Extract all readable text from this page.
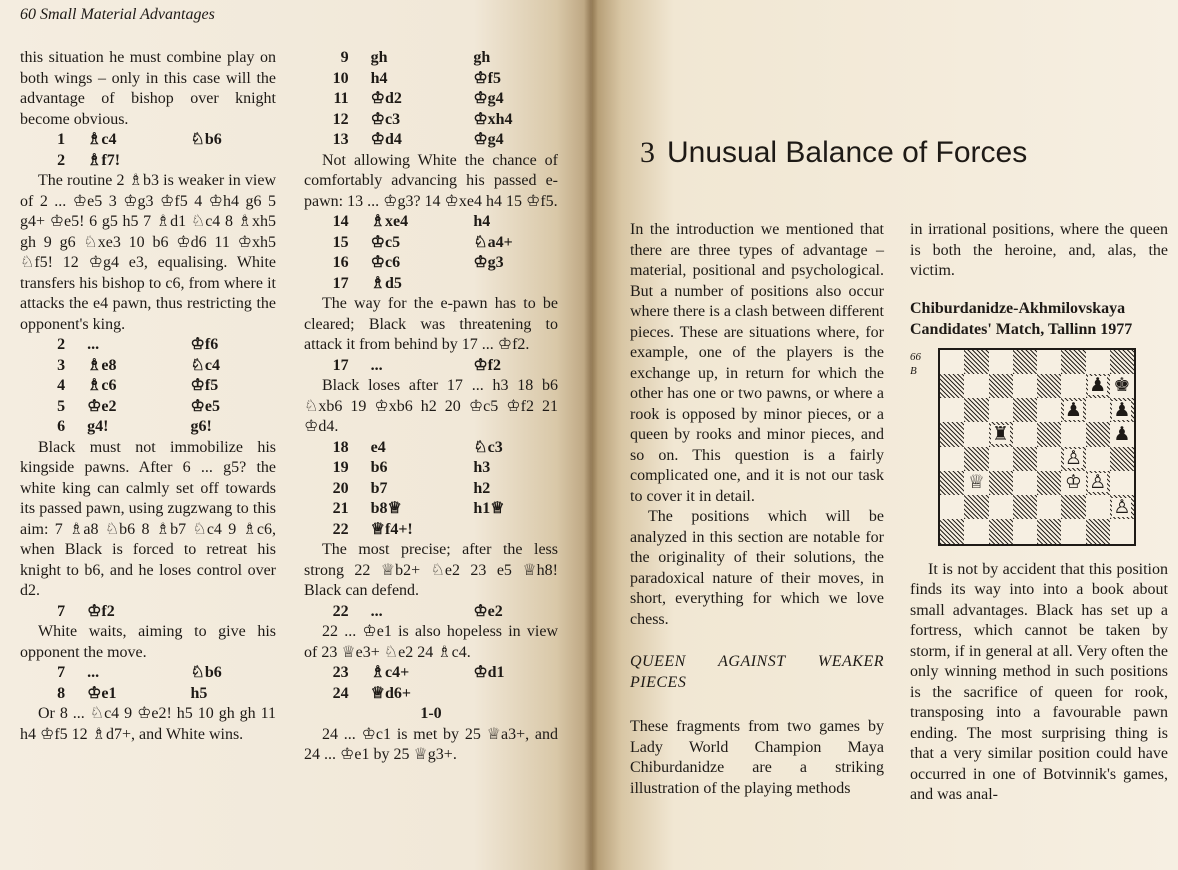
60 Small Material Advantages

this situation he must combine play on both wings – only in this case will the advantage of bishop over knight become obvious.

1	♗c4	♘b6
2	♗f7!

The routine 2 ♗b3 is weaker in view of 2 ... ♔e5 3 ♔g3 ♔f5 4 ♔h4 g6 5 g4+ ♔e5! 6 g5 h5 7 ♗d1 ♘c4 8 ♗xh5 gh 9 g6 ♘xe3 10 b6 ♔d6 11 ♔xh5 ♘f5! 12 ♔g4 e3, equalising. White transfers his bishop to c6, from where it attacks the e4 pawn, thus restricting the opponent's king.

2	...	♔f6
3	♗e8	♘c4
4	♗c6	♔f5
5	♔e2	♔e5
6	g4!	g6!

Black must not immobilize his kingside pawns. After 6 ... g5? the white king can calmly set off towards its passed pawn, using zugzwang to this aim: 7 ♗a8 ♘b6 8 ♗b7 ♘c4 9 ♗c6, when Black is forced to retreat his knight to b6, and he loses control over d2.

7	♔f2

White waits, aiming to give his opponent the move.

7	...	♘b6
8	♔e1	h5

Or 8 ... ♘c4 9 ♔e2! h5 10 gh gh 11 h4 ♔f5 12 ♗d7+, and White wins.

9	gh	gh
10	h4	♔f5
11	♔d2	♔g4
12	♔c3	♔xh4
13	♔d4	♔g4

Not allowing White the chance of comfortably advancing his passed e-pawn: 13 ... ♔g3? 14 ♔xe4 h4 15 ♔f5.

14	♗xe4	h4
15	♔c5	♘a4+
16	♔c6	♔g3
17	♗d5

The way for the e-pawn has to be cleared; Black was threatening to attack it from behind by 17 ... ♔f2.

17	...	♔f2

Black loses after 17 ... h3 18 b6 ♘xb6 19 ♔xb6 h2 20 ♔c5 ♔f2 21 ♔d4.

18	e4	♘c3
19	b6	h3
20	b7	h2
21	b8♕	h1♕
22	♕f4+!

The most precise; after the less strong 22 ♕b2+ ♘e2 23 e5 ♕h8! Black can defend.

22	...	♔e2

22 ... ♔e1 is also hopeless in view of 23 ♕e3+ ♘e2 24 ♗c4.

23	♗c4+	♔d1
24	♕d6+
1-0

24 ... ♔c1 is met by 25 ♕a3+, and 24 ... ♔e1 by 25 ♕g3+.

3 Unusual Balance of Forces

In the introduction we mentioned that there are three types of advantage – material, positional and psychological. But a number of positions also occur where there is a clash between different pieces. These are situations where, for example, one of the players is the exchange up, in return for which the other has one or two pawns, or where a rook is opposed by minor pieces, or a queen by rooks and minor pieces, and so on. This question is a fairly complicated one, and it is not our task to cover it in detail.

The positions which will be analyzed in this section are notable for the originality of their solutions, the paradoxical nature of their moves, in short, everything for which we love chess.

QUEEN AGAINST WEAKER PIECES

These fragments from two games by Lady World Champion Maya Chiburdanidze are a striking illustration of the playing methods

in irrational positions, where the queen is both the heroine, and, alas, the victim.

Chiburdanidze-Akhmilovskaya

Candidates' Match, Tallinn 1977

66
B
♟ ♚
♟ ♟
♜	♟
♙
♕	♔ ♙
♙

It is not by accident that this position finds its way into into a book about small advantages. Black has set up a fortress, which cannot be taken by storm, if in general at all. Very often the only winning method in such positions is the sacrifice of queen for rook, transposing into a favourable pawn ending. The most surprising thing is that a very similar position could have occurred in one of Botvinnik's games, and was anal-
